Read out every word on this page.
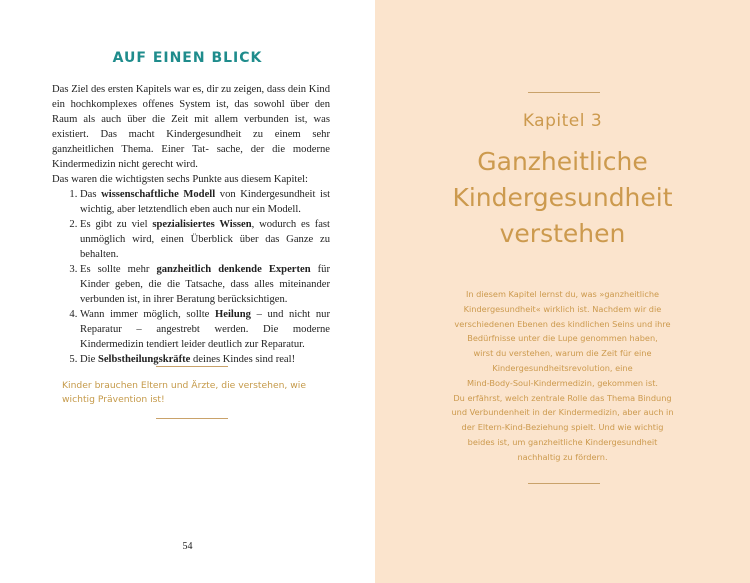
AUF EINEN BLICK

Das Ziel des ersten Kapitels war es, dir zu zeigen, dass dein Kind ein hochkomplexes offenes System ist, das sowohl über den Raum als auch über die Zeit mit allem verbunden ist, was existiert. Das macht Kindergesundheit zu einem sehr ganzheitlichen Thema. Einer Tat- sache, der die moderne Kindermedizin nicht gerecht wird.

Das waren die wichtigsten sechs Punkte aus diesem Kapitel:

1. Das wissenschaftliche Modell von Kindergesundheit ist wichtig, aber letztendlich eben auch nur ein Modell.
2. Es gibt zu viel spezialisiertes Wissen, wodurch es fast unmöglich wird, einen Überblick über das Ganze zu behalten.
3. Es sollte mehr ganzheitlich denkende Experten für Kinder geben, die die Tatsache, dass alles miteinander verbunden ist, in ihrer Beratung berücksichtigen.
4. Wann immer möglich, sollte Heilung – und nicht nur Reparatur – angestrebt werden. Die moderne Kindermedizin tendiert leider deutlich zur Reparatur.
5. Die Selbstheilungskräfte deines Kindes sind real!
Kinder brauchen Eltern und Ärzte, die verstehen, wie wichtig Prävention ist!
54
Kapitel 3
Ganzheitliche
Kindergesundheit
verstehen
In diesem Kapitel lernst du, was »ganzheitliche
Kindergesundheit« wirklich ist. Nachdem wir die
verschiedenen Ebenen des kindlichen Seins und ihre
Bedürfnisse unter die Lupe genommen haben,
wirst du verstehen, warum die Zeit für eine
Kindergesundheitsrevolution, eine
Mind-Body-Soul-Kindermedizin, gekommen ist.
Du erfährst, welch zentrale Rolle das Thema Bindung
und Verbundenheit in der Kindermedizin, aber auch in
der Eltern-Kind-Beziehung spielt. Und wie wichtig
beides ist, um ganzheitliche Kindergesundheit
nachhaltig zu fördern.
